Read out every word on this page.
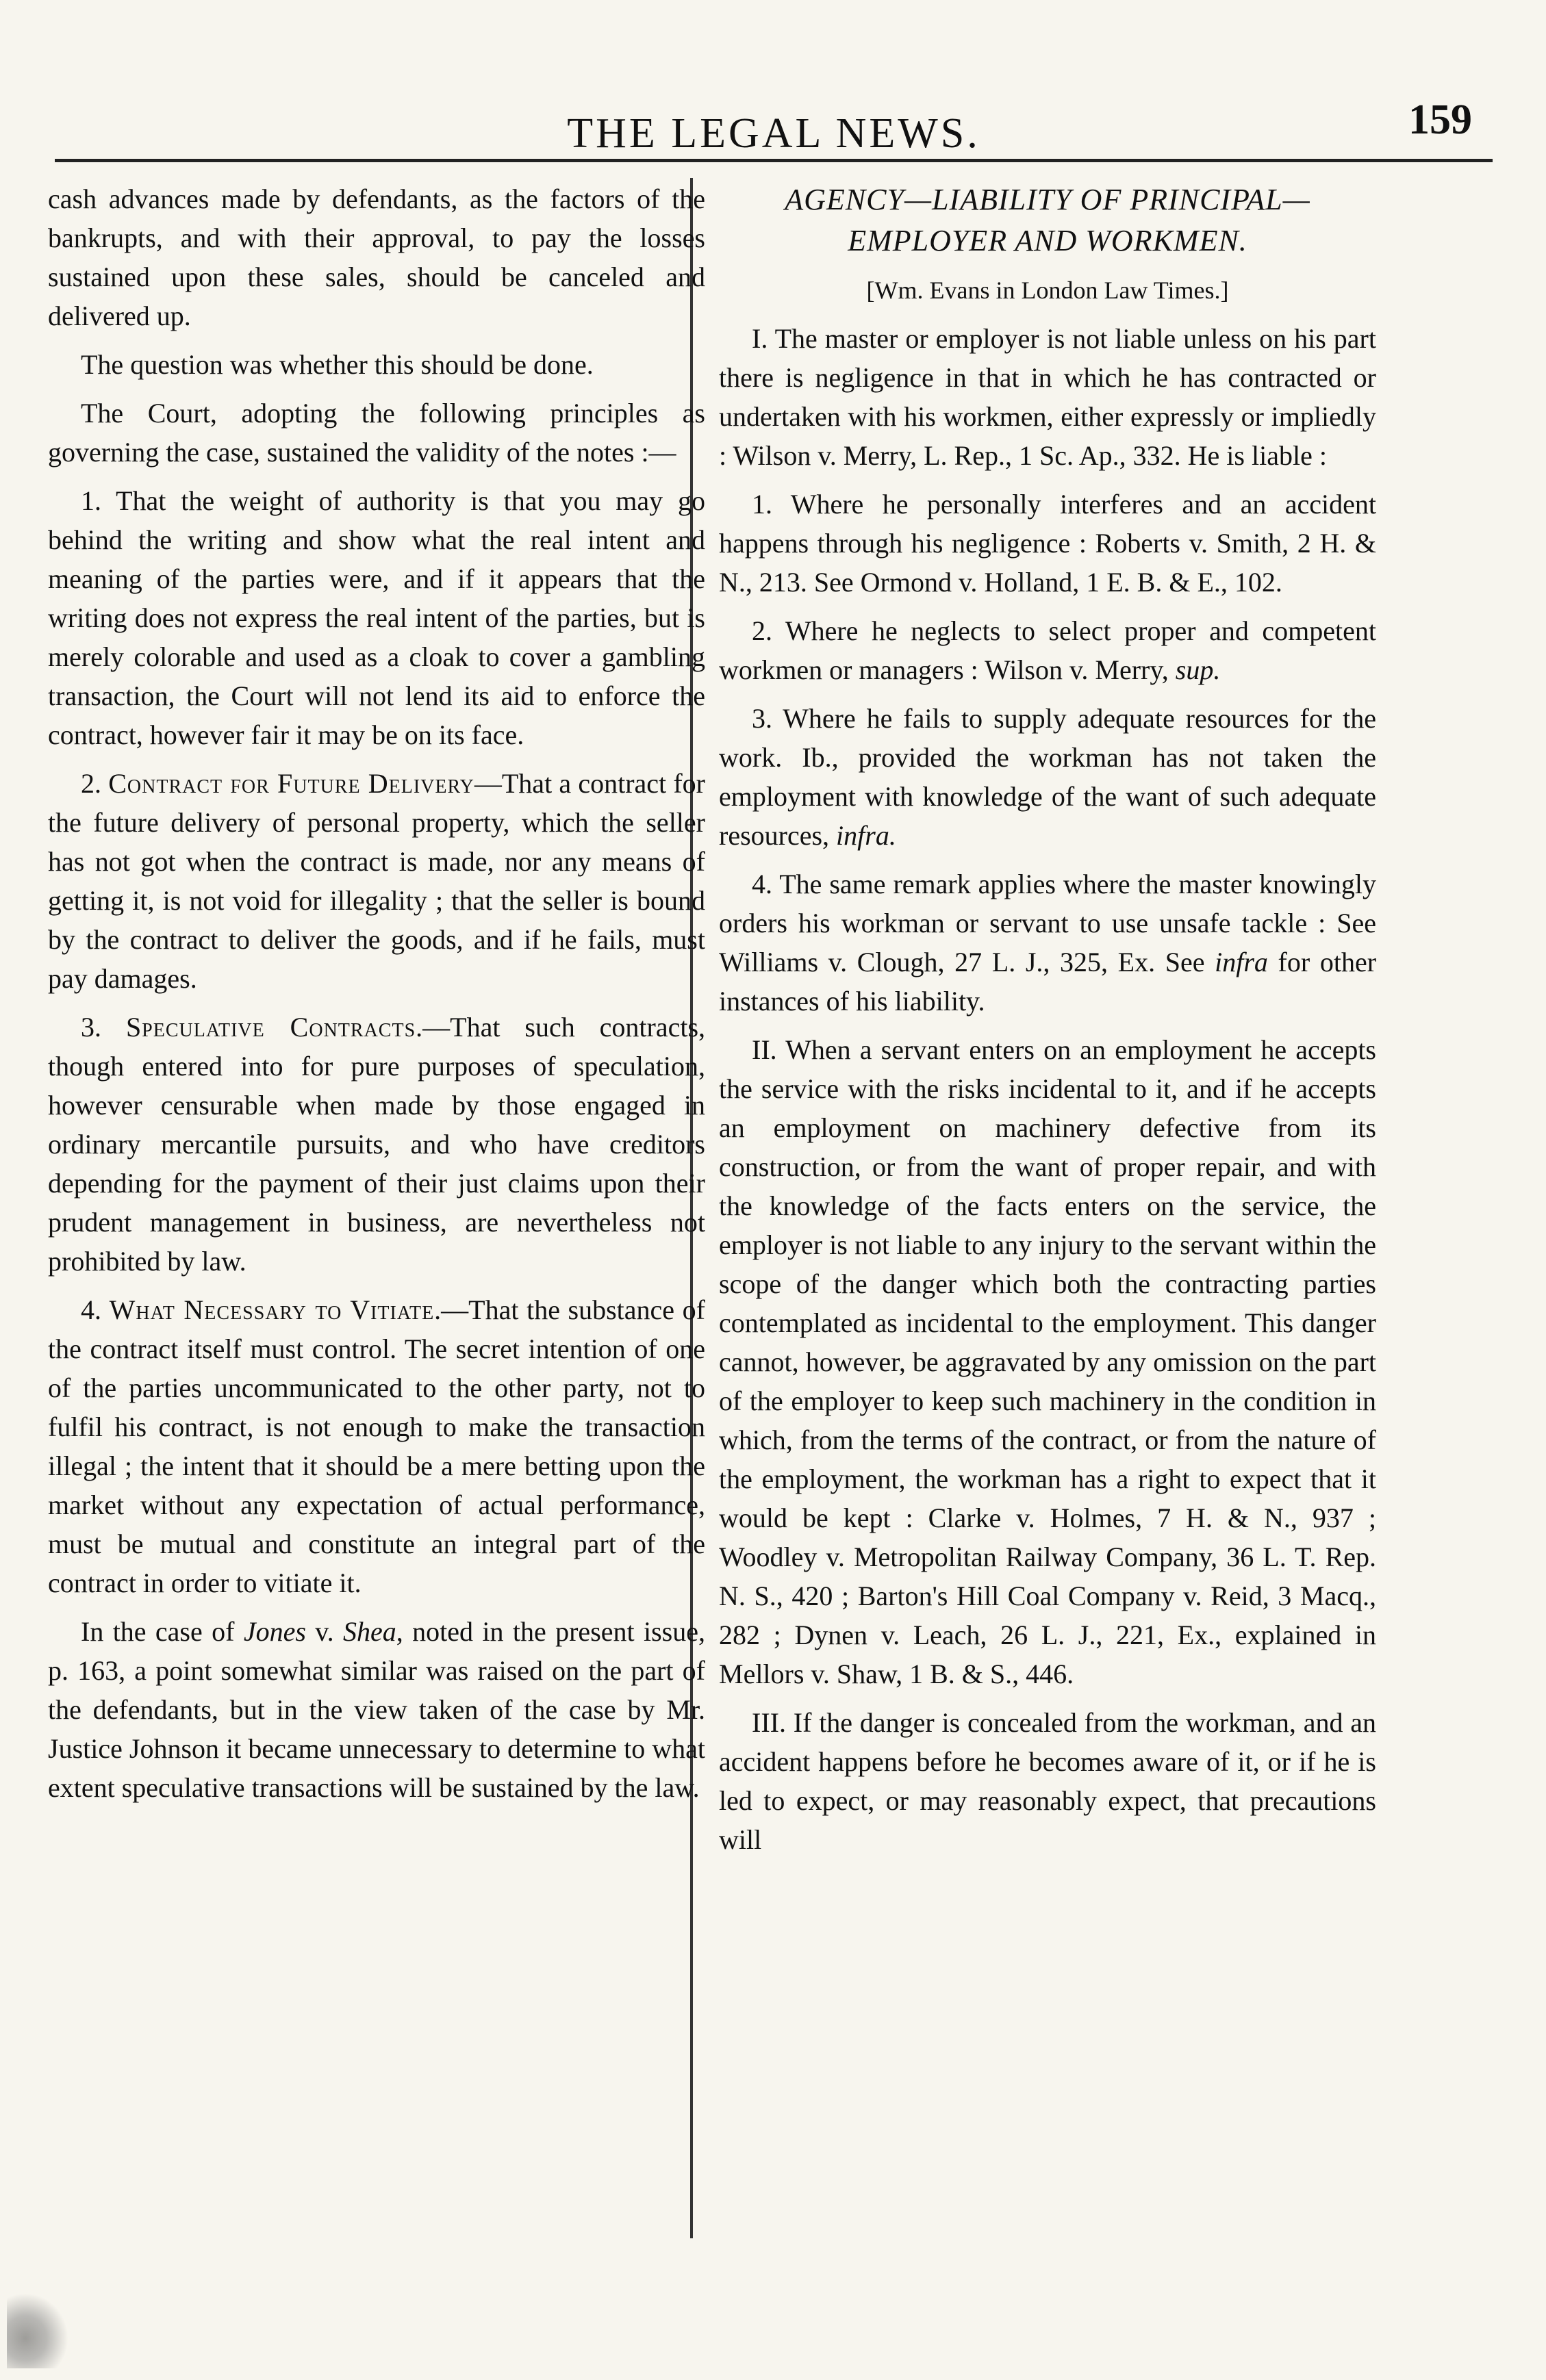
THE LEGAL NEWS.	159

cash advances made by defendants, as the factors of the bankrupts, and with their approval, to pay the losses sustained upon these sales, should be canceled and delivered up.

The question was whether this should be done.

The Court, adopting the following principles as governing the case, sustained the validity of the notes :—

1. That the weight of authority is that you may go behind the writing and show what the real intent and meaning of the parties were, and if it appears that the writing does not express the real intent of the parties, but is merely colorable and used as a cloak to cover a gambling transaction, the Court will not lend its aid to enforce the contract, however fair it may be on its face.

2. Contract for Future Delivery—That a contract for the future delivery of personal property, which the seller has not got when the contract is made, nor any means of getting it, is not void for illegality ; that the seller is bound by the contract to deliver the goods, and if he fails, must pay damages.

3. Speculative Contracts.—That such contracts, though entered into for pure purposes of speculation, however censurable when made by those engaged in ordinary mercantile pursuits, and who have creditors depending for the payment of their just claims upon their prudent management in business, are nevertheless not prohibited by law.

4. What Necessary to Vitiate.—That the substance of the contract itself must control. The secret intention of one of the parties uncommunicated to the other party, not to fulfil his contract, is not enough to make the transaction illegal ; the intent that it should be a mere betting upon the market without any expectation of actual performance, must be mutual and constitute an integral part of the contract in order to vitiate it.

In the case of Jones v. Shea, noted in the present issue, p. 163, a point somewhat similar was raised on the part of the defendants, but in the view taken of the case by Mr. Justice Johnson it became unnecessary to determine to what extent speculative transactions will be sustained by the law.

AGENCY—LIABILITY OF PRINCIPAL—
EMPLOYER AND WORKMEN.
[Wm. Evans in London Law Times.]

I. The master or employer is not liable unless on his part there is negligence in that in which he has contracted or undertaken with his workmen, either expressly or impliedly : Wilson v. Merry, L. Rep., 1 Sc. Ap., 332. He is liable :

1. Where he personally interferes and an accident happens through his negligence : Roberts v. Smith, 2 H. & N., 213. See Ormond v. Holland, 1 E. B. & E., 102.

2. Where he neglects to select proper and competent workmen or managers : Wilson v. Merry, sup.

3. Where he fails to supply adequate resources for the work. Ib., provided the workman has not taken the employment with knowledge of the want of such adequate resources, infra.

4. The same remark applies where the master knowingly orders his workman or servant to use unsafe tackle : See Williams v. Clough, 27 L. J., 325, Ex. See infra for other instances of his liability.

II. When a servant enters on an employment he accepts the service with the risks incidental to it, and if he accepts an employment on machinery defective from its construction, or from the want of proper repair, and with the knowledge of the facts enters on the service, the employer is not liable to any injury to the servant within the scope of the danger which both the contracting parties contemplated as incidental to the employment. This danger cannot, however, be aggravated by any omission on the part of the employer to keep such machinery in the condition in which, from the terms of the contract, or from the nature of the employment, the workman has a right to expect that it would be kept : Clarke v. Holmes, 7 H. & N., 937 ; Woodley v. Metropolitan Railway Company, 36 L. T. Rep. N. S., 420 ; Barton's Hill Coal Company v. Reid, 3 Macq., 282 ; Dynen v. Leach, 26 L. J., 221, Ex., explained in Mellors v. Shaw, 1 B. & S., 446.

III. If the danger is concealed from the workman, and an accident happens before he becomes aware of it, or if he is led to expect, or may reasonably expect, that precautions will
